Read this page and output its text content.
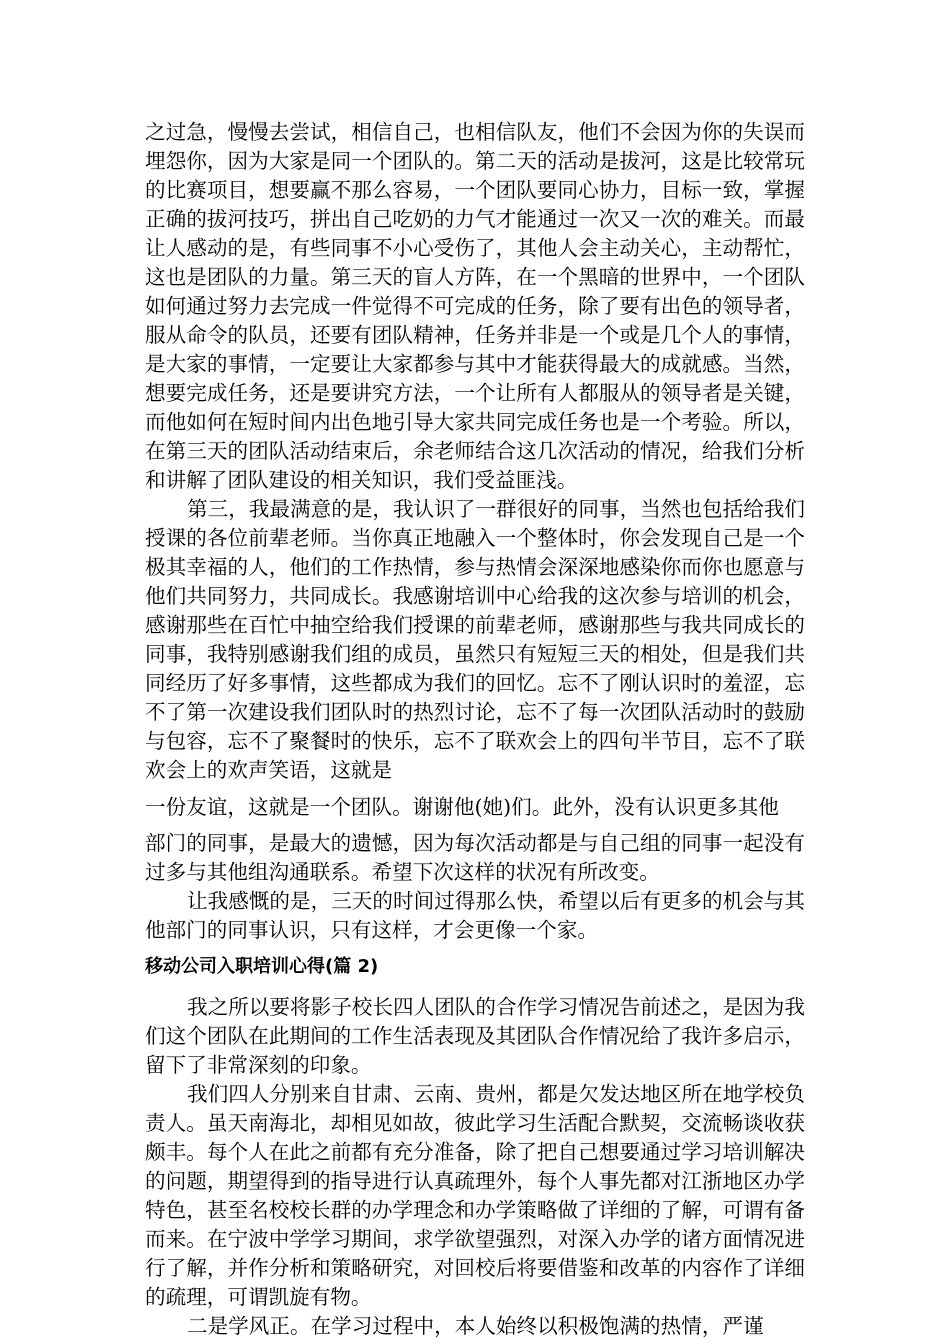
之过急，慢慢去尝试，相信自己，也相信队友，他们不会因为你的失误而埋怨你，因为大家是同一个团队的。第二天的活动是拔河，这是比较常玩的比赛项目，想要赢不那么容易，一个团队要同心协力，目标一致，掌握正确的拔河技巧，拼出自己吃奶的力气才能通过一次又一次的难关。而最让人感动的是，有些同事不小心受伤了，其他人会主动关心，主动帮忙，这也是团队的力量。第三天的盲人方阵，在一个黑暗的世界中，一个团队如何通过努力去完成一件觉得不可完成的任务，除了要有出色的领导者，服从命令的队员，还要有团队精神，任务并非是一个或是几个人的事情，是大家的事情，一定要让大家都参与其中才能获得最大的成就感。当然，想要完成任务，还是要讲究方法，一个让所有人都服从的领导者是关键，而他如何在短时间内出色地引导大家共同完成任务也是一个考验。所以，在第三天的团队活动结束后，余老师结合这几次活动的情况，给我们分析和讲解了团队建设的相关知识，我们受益匪浅。

第三，我最满意的是，我认识了一群很好的同事，当然也包括给我们授课的各位前辈老师。当你真正地融入一个整体时，你会发现自己是一个极其幸福的人，他们的工作热情，参与热情会深深地感染你而你也愿意与他们共同努力，共同成长。我感谢培训中心给我的这次参与培训的机会，感谢那些在百忙中抽空给我们授课的前辈老师，感谢那些与我共同成长的同事，我特别感谢我们组的成员，虽然只有短短三天的相处，但是我们共同经历了好多事情，这些都成为我们的回忆。忘不了刚认识时的羞涩，忘不了第一次建设我们团队时的热烈讨论，忘不了每一次团队活动时的鼓励与包容，忘不了聚餐时的快乐，忘不了联欢会上的四句半节目，忘不了联欢会上的欢声笑语，这就是

一份友谊，这就是一个团队。谢谢他(她)们。此外，没有认识更多其他

部门的同事，是最大的遗憾，因为每次活动都是与自己组的同事一起没有过多与其他组沟通联系。希望下次这样的状况有所改变。

让我感慨的是，三天的时间过得那么快，希望以后有更多的机会与其他部门的同事认识，只有这样，才会更像一个家。

移动公司入职培训心得(篇 2)

我之所以要将影子校长四人团队的合作学习情况告前述之，是因为我们这个团队在此期间的工作生活表现及其团队合作情况给了我许多启示，留下了非常深刻的印象。

我们四人分别来自甘肃、云南、贵州，都是欠发达地区所在地学校负责人。虽天南海北，却相见如故，彼此学习生活配合默契，交流畅谈收获颇丰。每个人在此之前都有充分准备，除了把自己想要通过学习培训解决的问题，期望得到的指导进行认真疏理外，每个人事先都对江浙地区办学特色，甚至名校校长群的办学理念和办学策略做了详细的了解，可谓有备而来。在宁波中学学习期间，求学欲望强烈，对深入办学的诸方面情况进行了解，并作分析和策略研究，对回校后将要借鉴和改革的内容作了详细的疏理，可谓凯旋有物。

二是学风正。在学习过程中，本人始终以积极饱满的热情，严谨
